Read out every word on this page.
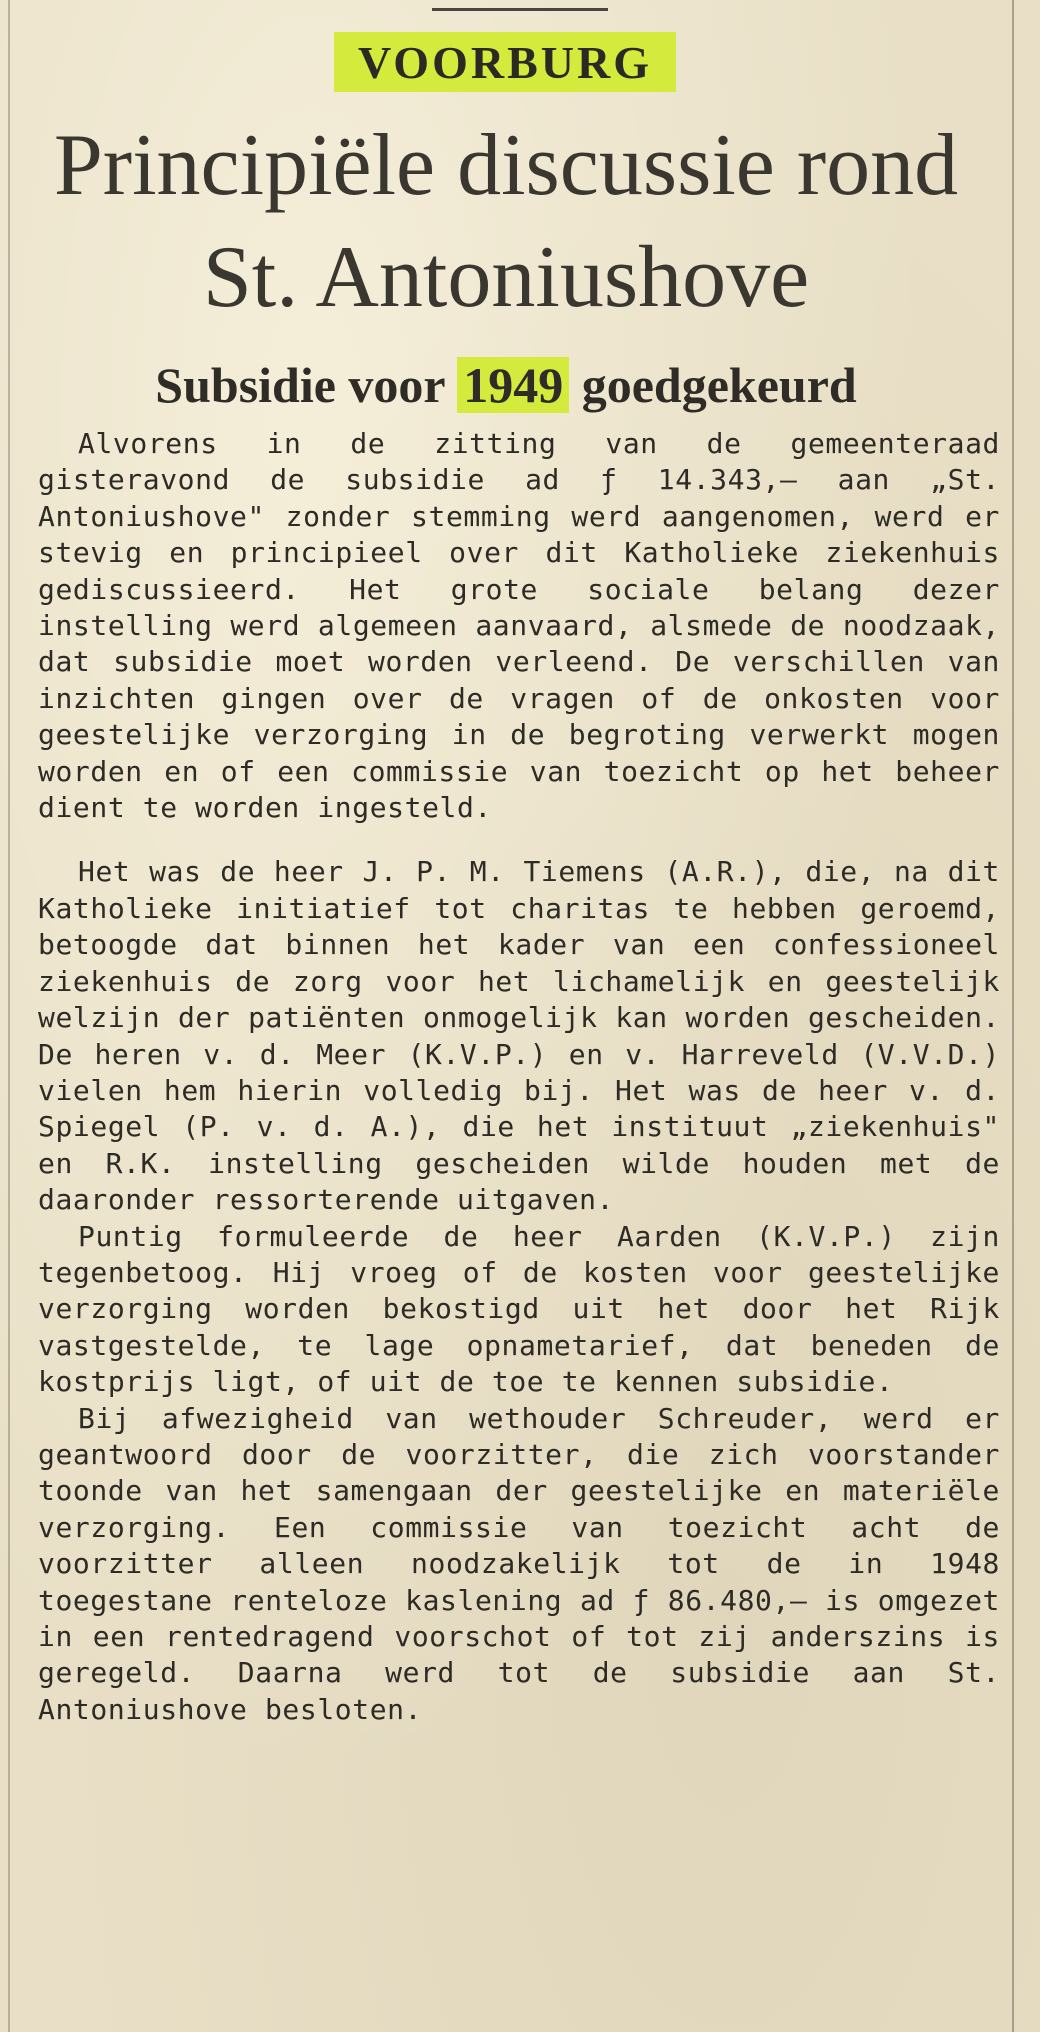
VOORBURG
Principiële discussie rond
St. Antoniushove
Subsidie voor 1949 goedgekeurd

Alvorens in de zitting van de gemeenteraad gisteravond de subsidie ad ƒ 14.343,— aan „St. Antoniushove" zonder stemming werd aangenomen, werd er stevig en principieel over dit Katholieke ziekenhuis gediscussieerd. Het grote sociale belang dezer instelling werd algemeen aanvaard, alsmede de noodzaak, dat subsidie moet worden verleend. De verschillen van inzichten gingen over de vragen of de onkosten voor geestelijke verzorging in de begroting verwerkt mogen worden en of een commissie van toezicht op het beheer dient te worden ingesteld.

Het was de heer J. P. M. Tiemens (A.R.), die, na dit Katholieke initiatief tot charitas te hebben geroemd, betoogde dat binnen het kader van een confessioneel ziekenhuis de zorg voor het lichamelijk en geestelijk welzijn der patiënten onmogelijk kan worden gescheiden. De heren v. d. Meer (K.V.P.) en v. Harreveld (V.V.D.) vielen hem hierin volledig bij. Het was de heer v. d. Spiegel (P. v. d. A.), die het instituut „ziekenhuis" en R.K. instelling gescheiden wilde houden met de daaronder ressorterende uitgaven.

Puntig formuleerde de heer Aarden (K.V.P.) zijn tegenbetoog. Hij vroeg of de kosten voor geestelijke verzorging worden bekostigd uit het door het Rijk vastgestelde, te lage opnametarief, dat beneden de kostprijs ligt, of uit de toe te kennen subsidie.

Bij afwezigheid van wethouder Schreuder, werd er geantwoord door de voorzitter, die zich voorstander toonde van het samengaan der geestelijke en materiële verzorging. Een commissie van toezicht acht de voorzitter alleen noodzakelijk tot de in 1948 toegestane renteloze kaslening ad ƒ 86.480,— is omgezet in een rentedragend voorschot of tot zij anderszins is geregeld. Daarna werd tot de subsidie aan St. Antoniushove besloten.
